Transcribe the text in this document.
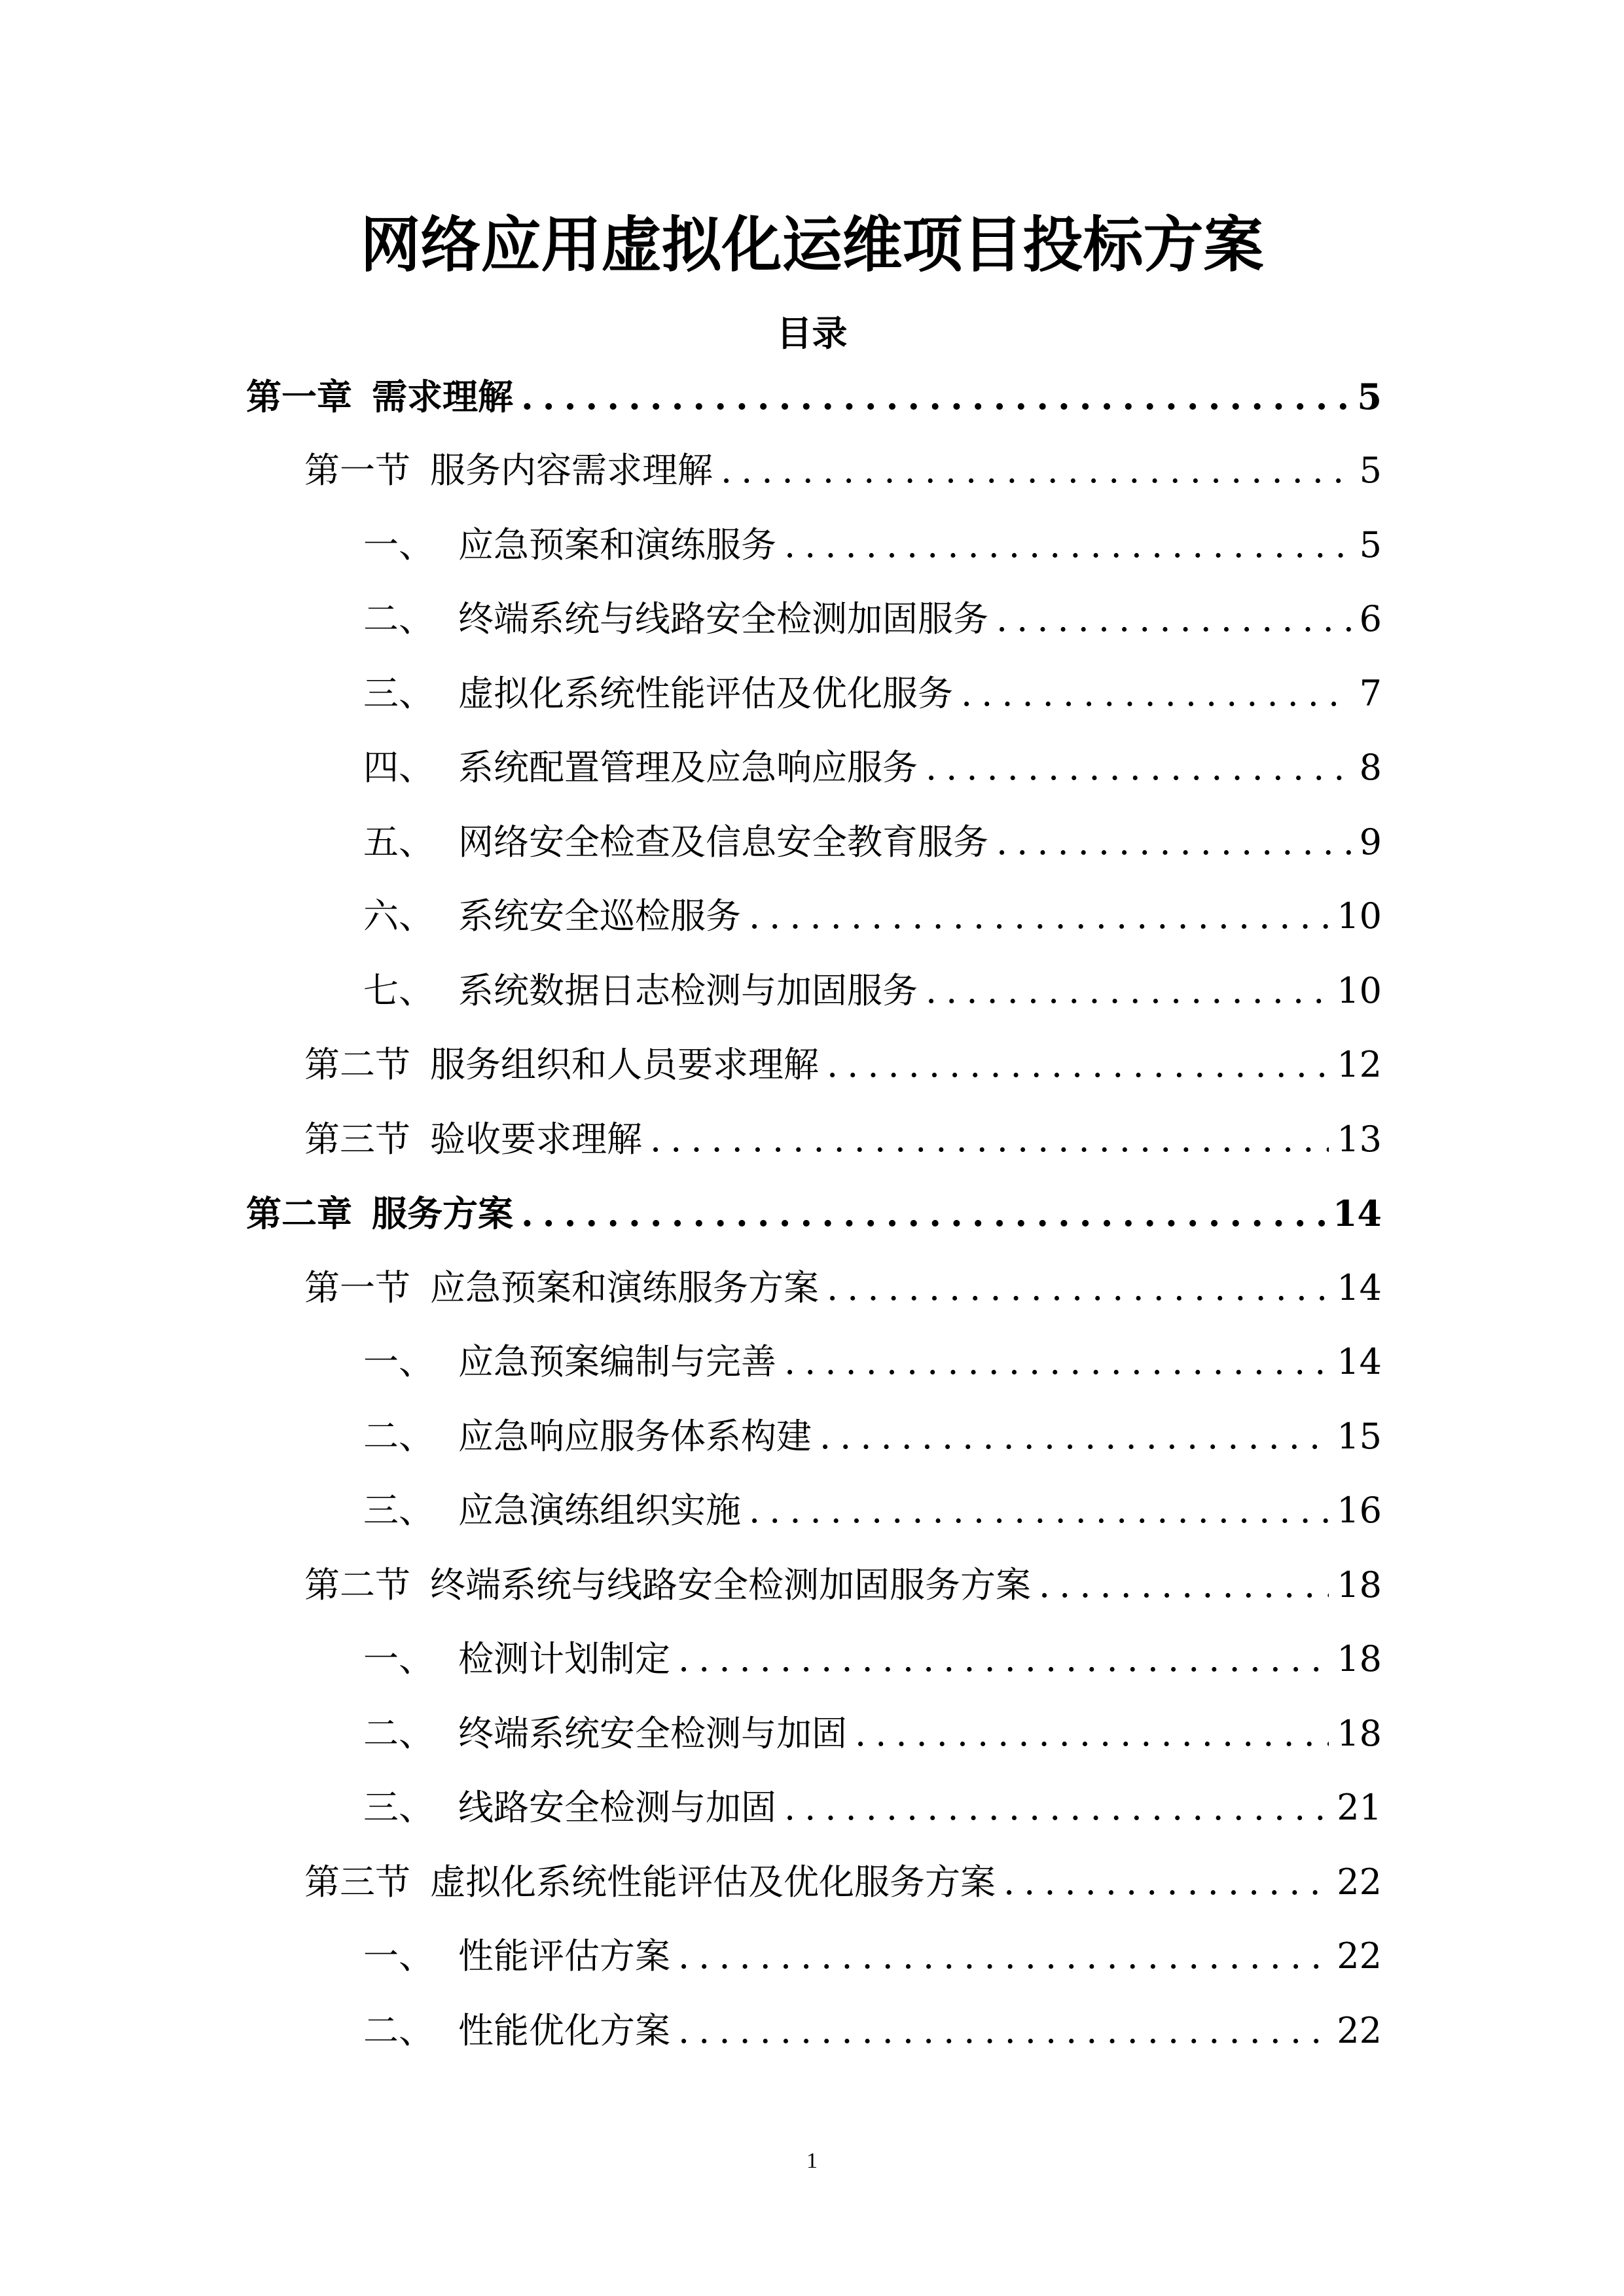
网络应用虚拟化运维项目投标方案
目录
第一章 需求理解 .....	5
第一节 服务内容需求理解 .....	5
一、 应急预案和演练服务 .....	5
二、 终端系统与线路安全检测加固服务 .....	6
三、 虚拟化系统性能评估及优化服务 .....	7
四、 系统配置管理及应急响应服务 .....	8
五、 网络安全检查及信息安全教育服务 .....	9
六、 系统安全巡检服务 .....	10
七、 系统数据日志检测与加固服务 .....	10
第二节 服务组织和人员要求理解 .....	12
第三节 验收要求理解 .....	13
第二章 服务方案 .....	14
第一节 应急预案和演练服务方案 .....	14
一、 应急预案编制与完善 .....	14
二、 应急响应服务体系构建 .....	15
三、 应急演练组织实施 .....	16
第二节 终端系统与线路安全检测加固服务方案 .....	18
一、 检测计划制定 .....	18
二、 终端系统安全检测与加固 .....	18
三、 线路安全检测与加固 .....	21
第三节 虚拟化系统性能评估及优化服务方案 .....	22
一、 性能评估方案 .....	22
二、 性能优化方案 .....	22
1
